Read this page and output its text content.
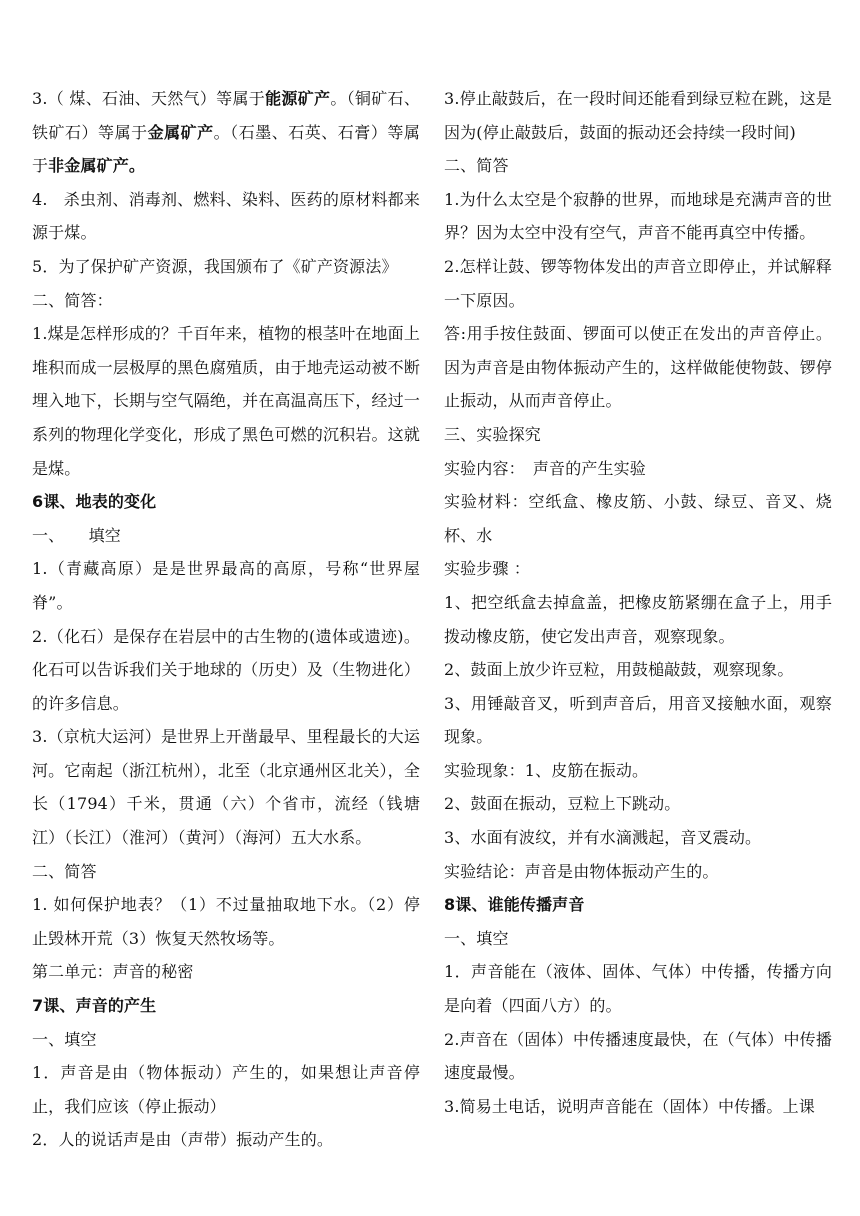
3.（ 煤、石油、天然气）等属于能源矿产。（铜矿石、铁矿石）等属于金属矿产。（石墨、石英、石膏）等属于非金属矿产。

4.　杀虫剂、消毒剂、燃料、染料、医药的原材料都来源于煤。

5．为了保护矿产资源，我国颁布了《矿产资源法》

二、简答：

1.煤是怎样形成的？千百年来，植物的根茎叶在地面上堆积而成一层极厚的黑色腐殖质，由于地壳运动被不断埋入地下，长期与空气隔绝，并在高温高压下，经过一系列的物理化学变化，形成了黑色可燃的沉积岩。这就是煤。

6课、地表的变化

一、　　填空

1.（青藏高原）是是世界最高的高原，号称“世界屋脊”。

2.（化石）是保存在岩层中的古生物的(遗体或遗迹)。化石可以告诉我们关于地球的（历史）及（生物进化）的许多信息。

3.（京杭大运河）是世界上开凿最早、里程最长的大运河。它南起（浙江杭州），北至（北京通州区北关），全长（1794）千米，贯通（六）个省市，流经（钱塘江）（长江）（淮河）（黄河）（海河）五大水系。

二、简答

1. 如何保护地表？（1）不过量抽取地下水。（2）停止毁林开荒（3）恢复天然牧场等。

第二单元：声音的秘密

7课、声音的产生

一、填空

1．声音是由（物体振动）产生的，如果想让声音停止，我们应该（停止振动）

2．人的说话声是由（声带）振动产生的。

3.停止敲鼓后，在一段时间还能看到绿豆粒在跳，这是因为(停止敲鼓后，鼓面的振动还会持续一段时间)

二、简答

1.为什么太空是个寂静的世界，而地球是充满声音的世界？因为太空中没有空气，声音不能再真空中传播。

2.怎样让鼓、锣等物体发出的声音立即停止，并试解释一下原因。

答:用手按住鼓面、锣面可以使正在发出的声音停止。因为声音是由物体振动产生的，这样做能使物鼓、锣停止振动，从而声音停止。

三、实验探究

实验内容：　声音的产生实验

实验材料：空纸盒、橡皮筋、小鼓、绿豆、音叉、烧杯、水

实验步骤 ：

1、把空纸盒去掉盒盖，把橡皮筋紧绷在盒子上，用手拨动橡皮筋，使它发出声音，观察现象。

2、鼓面上放少许豆粒，用鼓槌敲鼓，观察现象。

3、用锤敲音叉，听到声音后，用音叉接触水面，观察现象。

实验现象：1、皮筋在振动。

2、鼓面在振动，豆粒上下跳动。

3、水面有波纹，并有水滴溅起，音叉震动。

实验结论：声音是由物体振动产生的。

8课、谁能传播声音

一、填空

1．声音能在（液体、固体、气体）中传播，传播方向是向着（四面八方）的。

2.声音在（固体）中传播速度最快，在（气体）中传播速度最慢。

3.简易土电话，说明声音能在（固体）中传播。上课
